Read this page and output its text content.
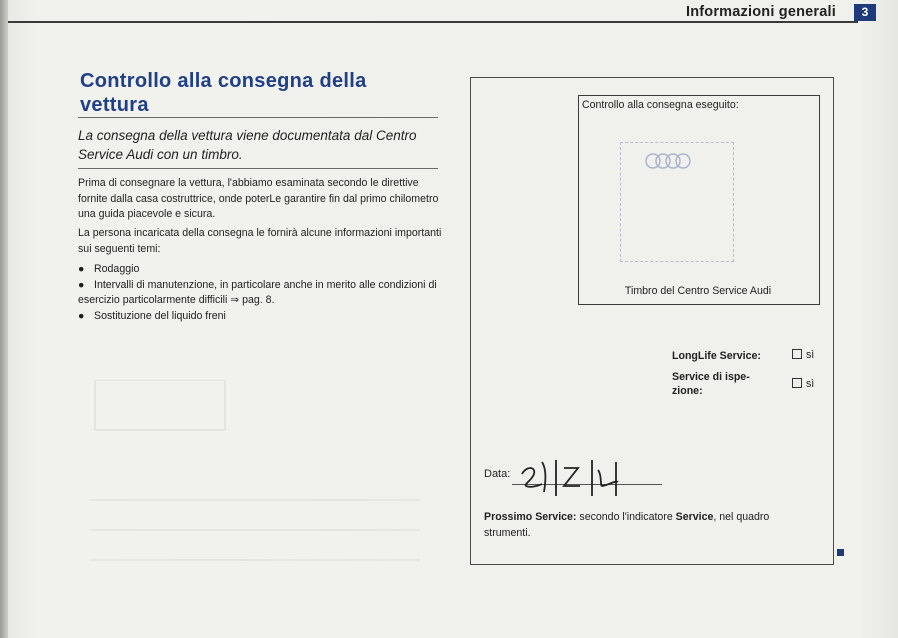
Informazioni generali	3
Controllo alla consegna della vettura
La consegna della vettura viene documentata dal Centro Service Audi con un timbro.
Prima di consegnare la vettura, l'abbiamo esaminata secondo le direttive fornite dalla casa costruttrice, onde poterLe garantire fin dal primo chilometro una guida piacevole e sicura.
La persona incaricata della consegna le fornirà alcune informazioni importanti sui seguenti temi:
● Rodaggio
● Intervalli di manutenzione, in particolare anche in merito alle condizioni di esercizio particolarmente difficili ⇒ pag. 8.
● Sostituzione del liquido freni
Controllo alla consegna eseguito:
Timbro del Centro Service Audi
LongLife Service:	sì
Service di ispe-zione:
sì
Data:
Prossimo Service: secondo l'indicatore Service, nel quadro strumenti.
